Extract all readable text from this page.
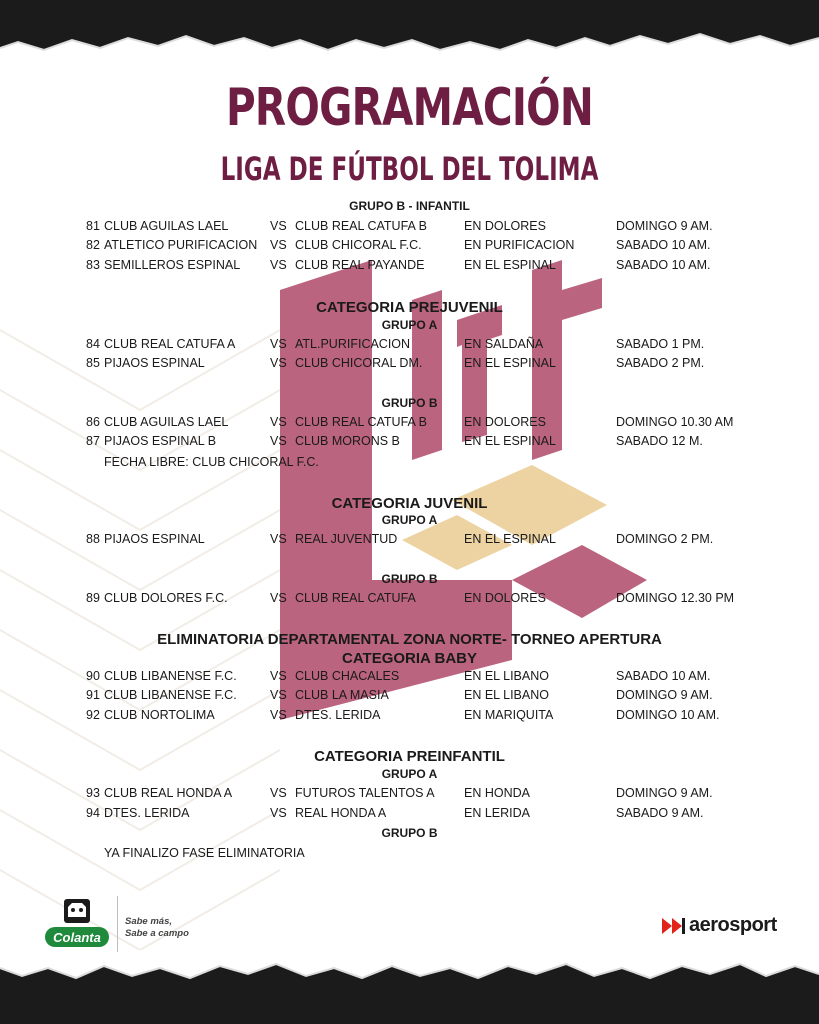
PROGRAMACIÓN
LIGA DE FÚTBOL DEL TOLIMA
GRUPO B - INFANTIL
81 CLUB AGUILAS LAEL	VS CLUB REAL CATUFA B	EN DOLORES	DOMINGO 9 AM.
82 ATLETICO PURIFICACION VS CLUB CHICORAL F.C.	EN PURIFICACION	SABADO 10 AM.
83 SEMILLEROS ESPINAL VS CLUB REAL PAYANDE	EN EL ESPINAL	SABADO 10 AM.
CATEGORIA PREJUVENIL
GRUPO A
84 CLUB REAL CATUFA A	VS ATL.PURIFICACION	EN SALDAÑA	SABADO 1 PM.
85 PIJAOS ESPINAL	VS CLUB CHICORAL DM.	EN EL ESPINAL	SABADO 2 PM.
GRUPO B
86 CLUB AGUILAS LAEL	VS CLUB REAL CATUFA B	EN DOLORES	DOMINGO 10.30 AM
87 PIJAOS ESPINAL B	VS CLUB MORONS B	EN EL ESPINAL	SABADO 12 M.
FECHA LIBRE: CLUB CHICORAL F.C.
CATEGORIA JUVENIL
GRUPO A
88 PIJAOS ESPINAL	VS REAL JUVENTUD	EN EL ESPINAL	DOMINGO 2 PM.
GRUPO B
89 CLUB DOLORES F.C.	VS CLUB REAL CATUFA	EN DOLORES	DOMINGO 12.30 PM
ELIMINATORIA DEPARTAMENTAL ZONA NORTE- TORNEO APERTURA
CATEGORIA BABY
90 CLUB LIBANENSE F.C.	VS CLUB CHACALES	EN EL LIBANO	SABADO 10 AM.
91 CLUB LIBANENSE F.C.	VS CLUB LA MASIA	EN EL LIBANO	DOMINGO 9 AM.
92 CLUB NORTOLIMA	VS DTES. LERIDA	EN MARIQUITA	DOMINGO 10 AM.
CATEGORIA PREINFANTIL
GRUPO A
93 CLUB REAL HONDA A	VS FUTUROS TALENTOS A EN HONDA	DOMINGO 9 AM.
94 DTES. LERIDA	VS REAL HONDA A	EN LERIDA	SABADO 9 AM.
GRUPO B
YA FINALIZO FASE ELIMINATORIA
Colanta
Sabe más,
Sabe a campo	aerosport
